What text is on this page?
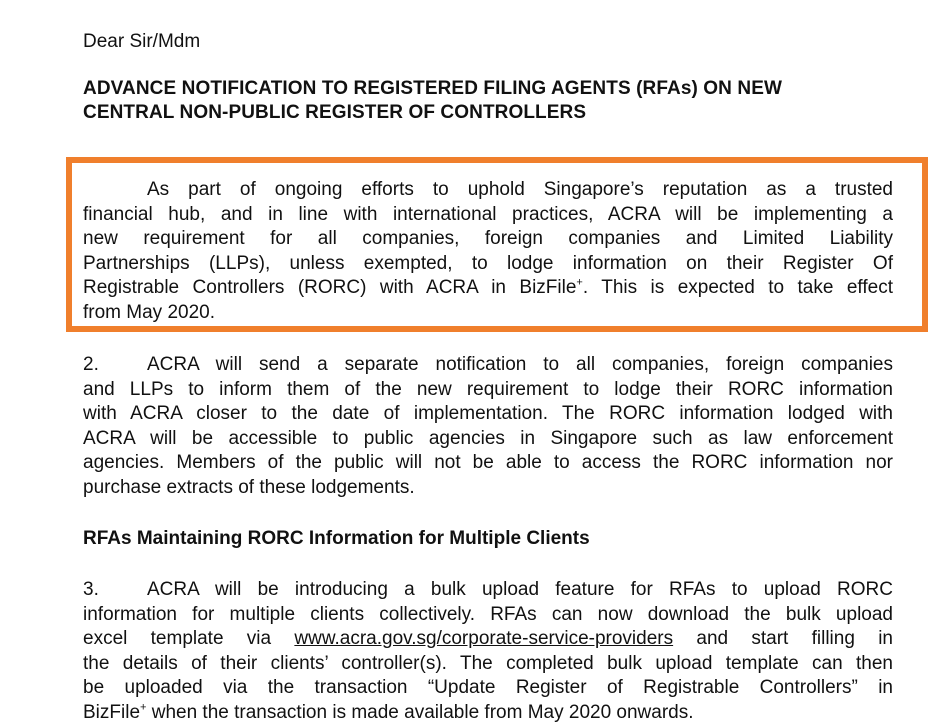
Dear Sir/Mdm
ADVANCE NOTIFICATION TO REGISTERED FILING AGENTS (RFAs) ON NEW
CENTRAL NON-PUBLIC REGISTER OF CONTROLLERS
As part of ongoing efforts to uphold Singapore’s reputation as a trusted
financial hub, and in line with international practices, ACRA will be implementing a
new requirement for all companies, foreign companies and Limited Liability
Partnerships (LLPs), unless exempted, to lodge information on their Register Of
Registrable Controllers (RORC) with ACRA in BizFile+. This is expected to take effect
from May 2020.
2.	ACRA will send a separate notification to all companies, foreign companies
and LLPs to inform them of the new requirement to lodge their RORC information
with ACRA closer to the date of implementation. The RORC information lodged with
ACRA will be accessible to public agencies in Singapore such as law enforcement
agencies. Members of the public will not be able to access the RORC information nor
purchase extracts of these lodgements.
RFAs Maintaining RORC Information for Multiple Clients
3.	ACRA will be introducing a bulk upload feature for RFAs to upload RORC
information for multiple clients collectively. RFAs can now download the bulk upload
excel template via www.acra.gov.sg/corporate-service-providers and start filling in
the details of their clients’ controller(s). The completed bulk upload template can then
be uploaded via the transaction “Update Register of Registrable Controllers” in
BizFile+ when the transaction is made available from May 2020 onwards.
